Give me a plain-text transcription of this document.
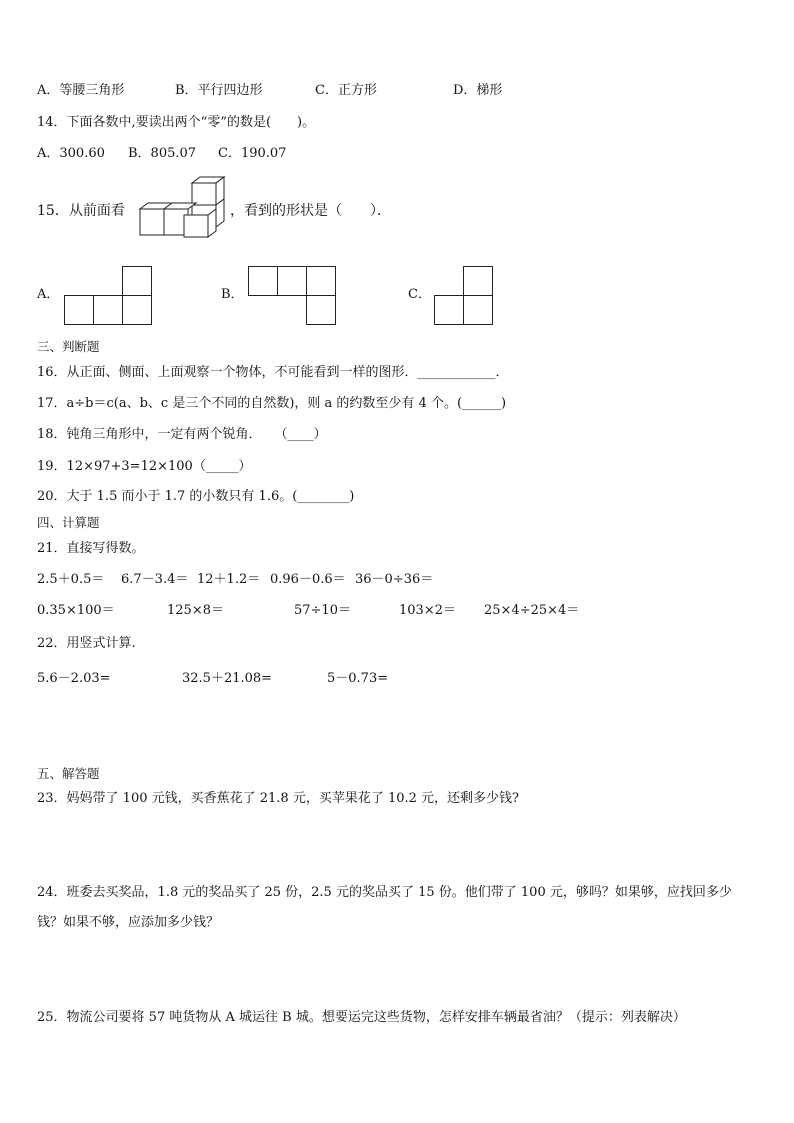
A．等腰三角形	B．平行四边形	C．正方形	D．梯形
14．下面各数中,要读出两个“零”的数是(　　)。
A．300.60 B．805.07 C．190.07
15．从前面看	，看到的形状是（　　）．
A．	B．	C．
三、判断题
16．从正面、侧面、上面观察一个物体，不可能看到一样的图形．____________．
17．a÷b＝c(a、b、c 是三个不同的自然数)，则 a 的约数至少有 4 个。(______)
18．钝角三角形中，一定有两个锐角．　　（____）
19．12×97+3=12×100（_____）
20．大于 1.5 而小于 1.7 的小数只有 1.6。(________)
四、计算题
21．直接写得数。
2.5＋0.5＝ 6.7－3.4＝ 12＋1.2＝ 0.96－0.6＝ 36－0÷36＝
0.35×100＝	125×8＝	57÷10＝	103×2＝ 25×4÷25×4＝
22．用竖式计算.
5.6－2.03=	32.5＋21.08=	5－0.73=
五、解答题
23．妈妈带了 100 元钱，买香蕉花了 21.8 元，买苹果花了 10.2 元，还剩多少钱?
24．班委去买奖品，1.8 元的奖品买了 25 份，2.5 元的奖品买了 15 份。他们带了 100 元，够吗？如果够，应找回多少
钱？如果不够，应添加多少钱？
25．物流公司要将 57 吨货物从 A 城运往 B 城。想要运完这些货物，怎样安排车辆最省油？（提示：列表解决）
